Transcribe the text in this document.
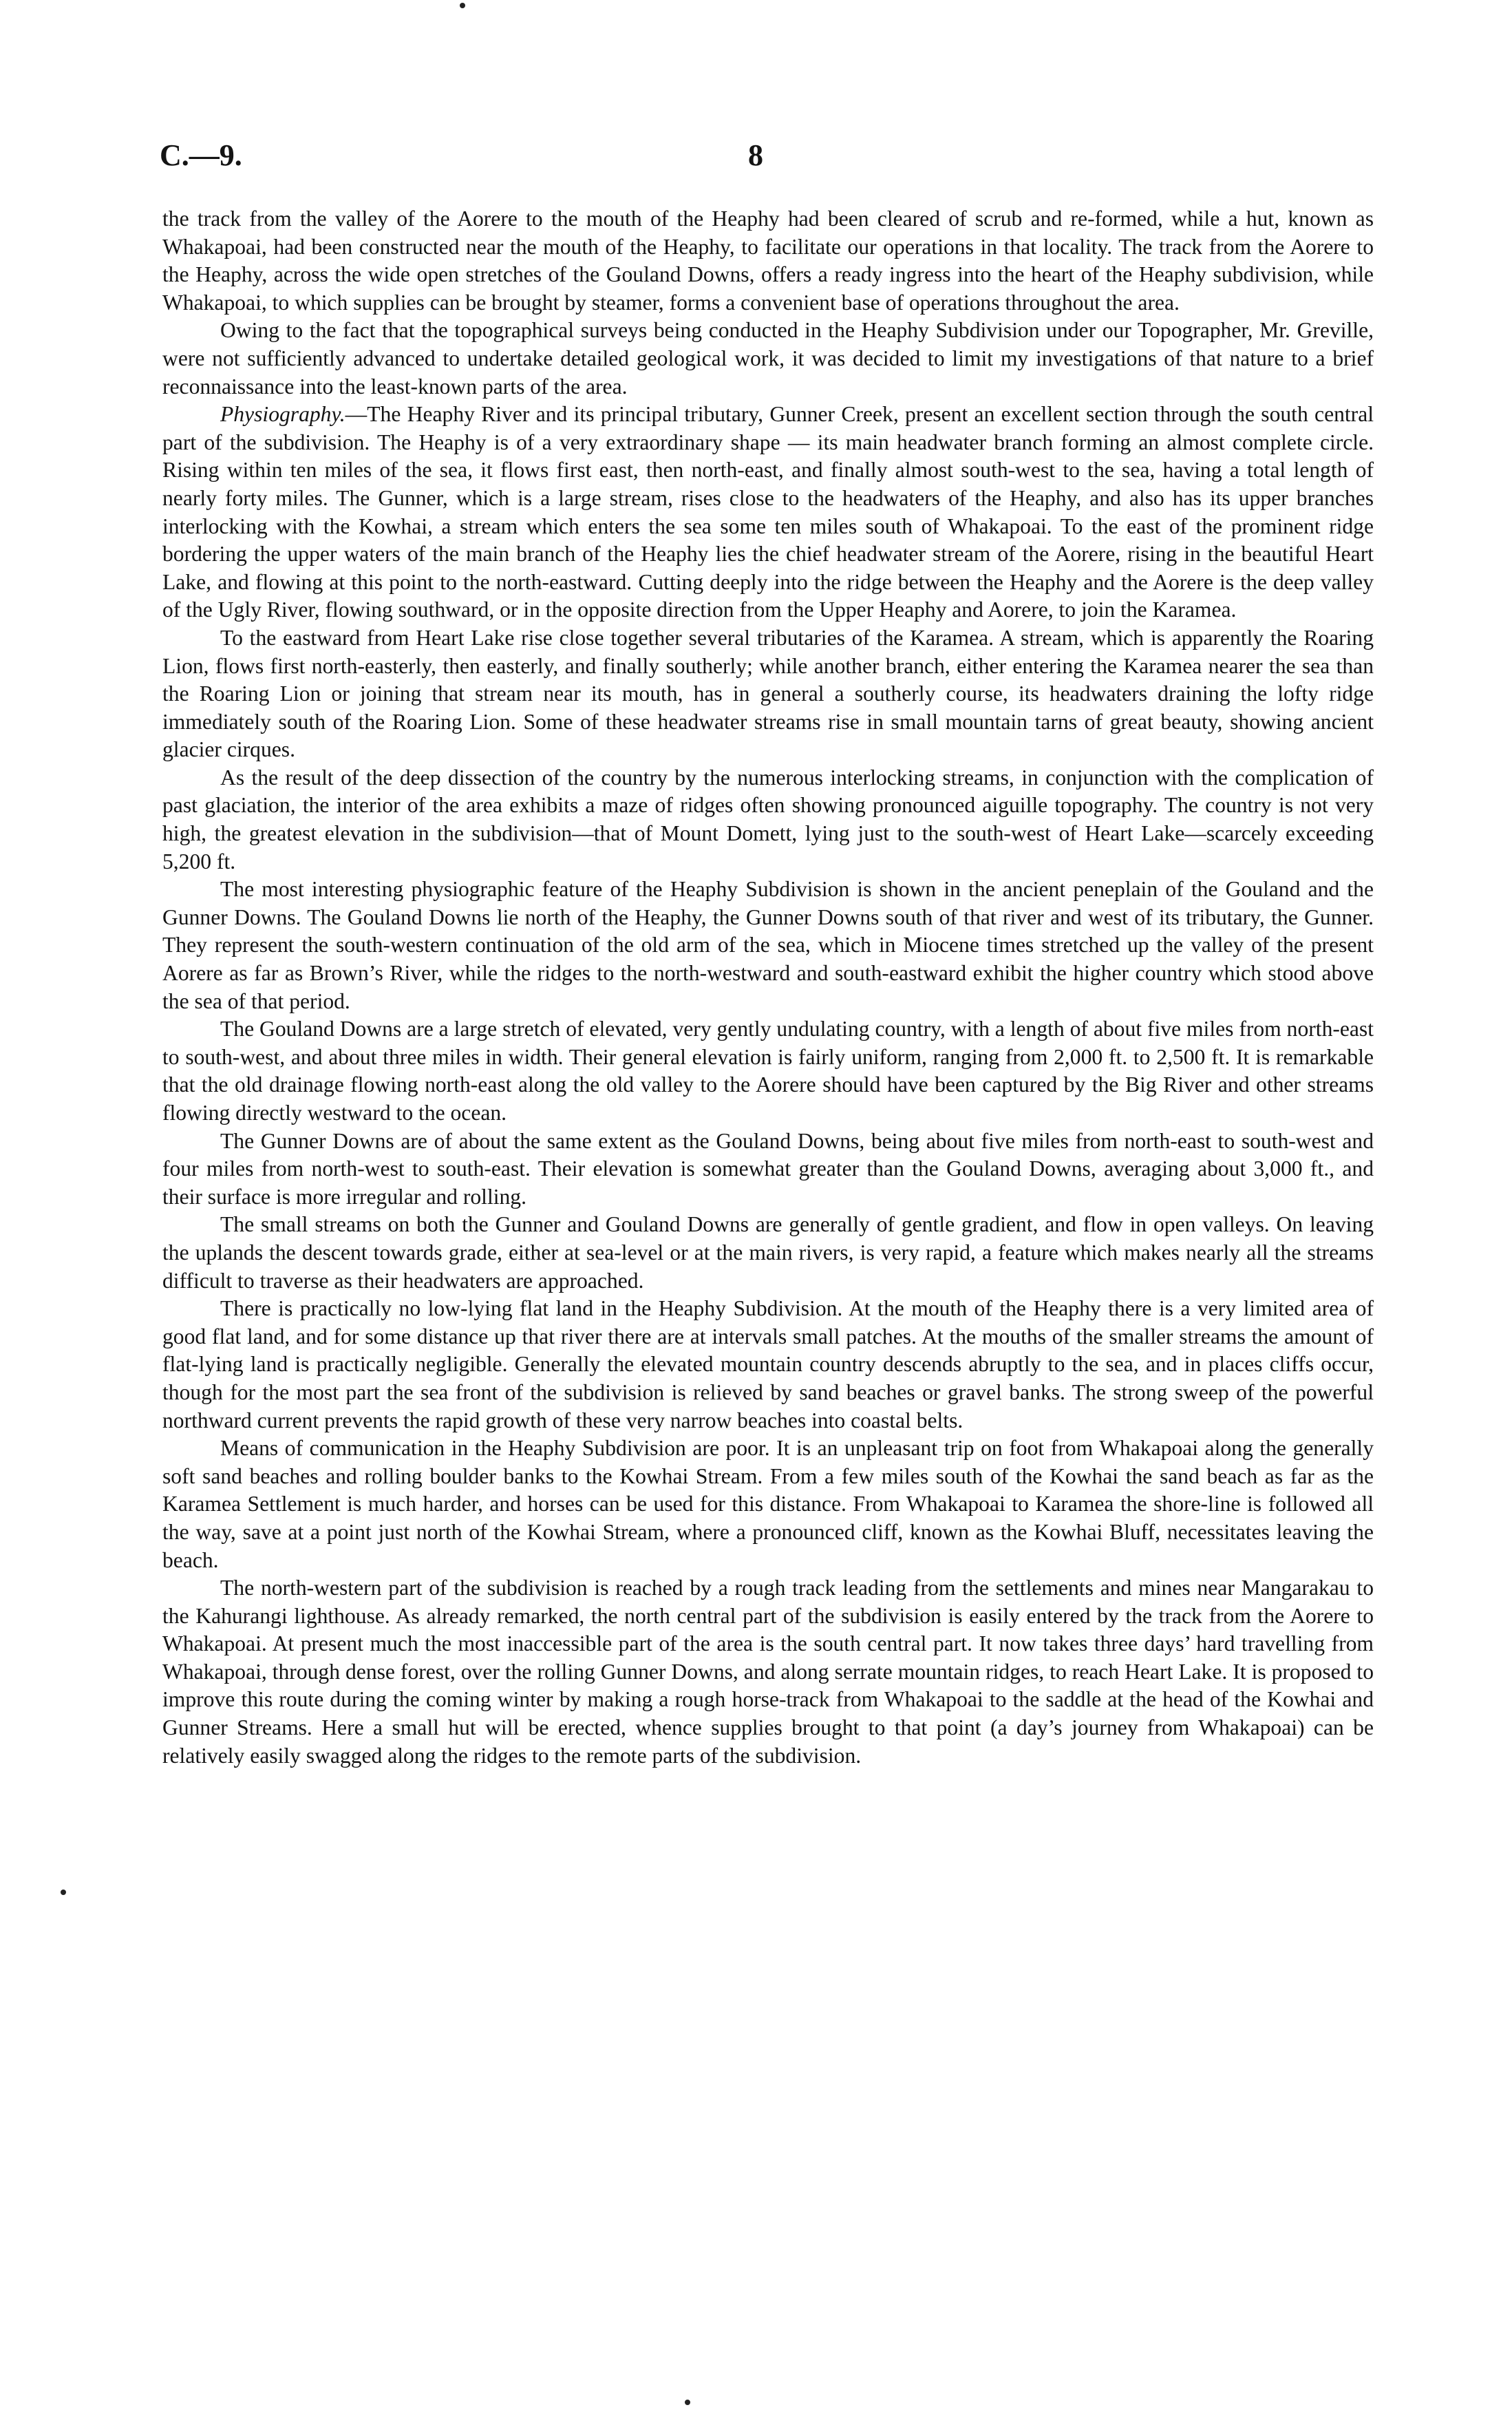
C.—9.	8

the track from the valley of the Aorere to the mouth of the Heaphy had been cleared of scrub and re-formed, while a hut, known as Whakapoai, had been constructed near the mouth of the Heaphy, to facilitate our operations in that locality. The track from the Aorere to the Heaphy, across the wide open stretches of the Gouland Downs, offers a ready ingress into the heart of the Heaphy subdivision, while Whakapoai, to which supplies can be brought by steamer, forms a convenient base of operations throughout the area.

Owing to the fact that the topographical surveys being conducted in the Heaphy Subdivision under our Topographer, Mr. Greville, were not sufficiently advanced to undertake detailed geological work, it was decided to limit my investigations of that nature to a brief reconnaissance into the least-known parts of the area.

Physiography.—The Heaphy River and its principal tributary, Gunner Creek, present an excellent section through the south central part of the subdivision. The Heaphy is of a very extraordinary shape — its main headwater branch forming an almost complete circle. Rising within ten miles of the sea, it flows first east, then north-east, and finally almost south-west to the sea, having a total length of nearly forty miles. The Gunner, which is a large stream, rises close to the headwaters of the Heaphy, and also has its upper branches interlocking with the Kowhai, a stream which enters the sea some ten miles south of Whakapoai. To the east of the prominent ridge bordering the upper waters of the main branch of the Heaphy lies the chief headwater stream of the Aorere, rising in the beautiful Heart Lake, and flowing at this point to the north-eastward. Cutting deeply into the ridge between the Heaphy and the Aorere is the deep valley of the Ugly River, flowing southward, or in the opposite direction from the Upper Heaphy and Aorere, to join the Karamea.

To the eastward from Heart Lake rise close together several tributaries of the Karamea. A stream, which is apparently the Roaring Lion, flows first north-easterly, then easterly, and finally southerly; while another branch, either entering the Karamea nearer the sea than the Roaring Lion or joining that stream near its mouth, has in general a southerly course, its headwaters draining the lofty ridge immediately south of the Roaring Lion. Some of these headwater streams rise in small mountain tarns of great beauty, showing ancient glacier cirques.

As the result of the deep dissection of the country by the numerous interlocking streams, in conjunction with the complication of past glaciation, the interior of the area exhibits a maze of ridges often showing pronounced aiguille topography. The country is not very high, the greatest elevation in the subdivision—that of Mount Domett, lying just to the south-west of Heart Lake—scarcely exceeding 5,200 ft.

The most interesting physiographic feature of the Heaphy Subdivision is shown in the ancient peneplain of the Gouland and the Gunner Downs. The Gouland Downs lie north of the Heaphy, the Gunner Downs south of that river and west of its tributary, the Gunner. They represent the south-western continuation of the old arm of the sea, which in Miocene times stretched up the valley of the present Aorere as far as Brown’s River, while the ridges to the north-westward and south-eastward exhibit the higher country which stood above the sea of that period.

The Gouland Downs are a large stretch of elevated, very gently undulating country, with a length of about five miles from north-east to south-west, and about three miles in width. Their general elevation is fairly uniform, ranging from 2,000 ft. to 2,500 ft. It is remarkable that the old drainage flowing north-east along the old valley to the Aorere should have been captured by the Big River and other streams flowing directly westward to the ocean.

The Gunner Downs are of about the same extent as the Gouland Downs, being about five miles from north-east to south-west and four miles from north-west to south-east. Their elevation is somewhat greater than the Gouland Downs, averaging about 3,000 ft., and their surface is more irregular and rolling.

The small streams on both the Gunner and Gouland Downs are generally of gentle gradient, and flow in open valleys. On leaving the uplands the descent towards grade, either at sea-level or at the main rivers, is very rapid, a feature which makes nearly all the streams difficult to traverse as their headwaters are approached.

There is practically no low-lying flat land in the Heaphy Subdivision. At the mouth of the Heaphy there is a very limited area of good flat land, and for some distance up that river there are at intervals small patches. At the mouths of the smaller streams the amount of flat-lying land is practically negligible. Generally the elevated mountain country descends abruptly to the sea, and in places cliffs occur, though for the most part the sea front of the subdivision is relieved by sand beaches or gravel banks. The strong sweep of the powerful northward current prevents the rapid growth of these very narrow beaches into coastal belts.

Means of communication in the Heaphy Subdivision are poor. It is an unpleasant trip on foot from Whakapoai along the generally soft sand beaches and rolling boulder banks to the Kowhai Stream. From a few miles south of the Kowhai the sand beach as far as the Karamea Settlement is much harder, and horses can be used for this distance. From Whakapoai to Karamea the shore-line is followed all the way, save at a point just north of the Kowhai Stream, where a pronounced cliff, known as the Kowhai Bluff, necessitates leaving the beach.

The north-western part of the subdivision is reached by a rough track leading from the settlements and mines near Mangarakau to the Kahurangi lighthouse. As already remarked, the north central part of the subdivision is easily entered by the track from the Aorere to Whakapoai. At present much the most inaccessible part of the area is the south central part. It now takes three days’ hard travelling from Whakapoai, through dense forest, over the rolling Gunner Downs, and along serrate mountain ridges, to reach Heart Lake. It is proposed to improve this route during the coming winter by making a rough horse-track from Whakapoai to the saddle at the head of the Kowhai and Gunner Streams. Here a small hut will be erected, whence supplies brought to that point (a day’s journey from Whakapoai) can be relatively easily swagged along the ridges to the remote parts of the subdivision.
